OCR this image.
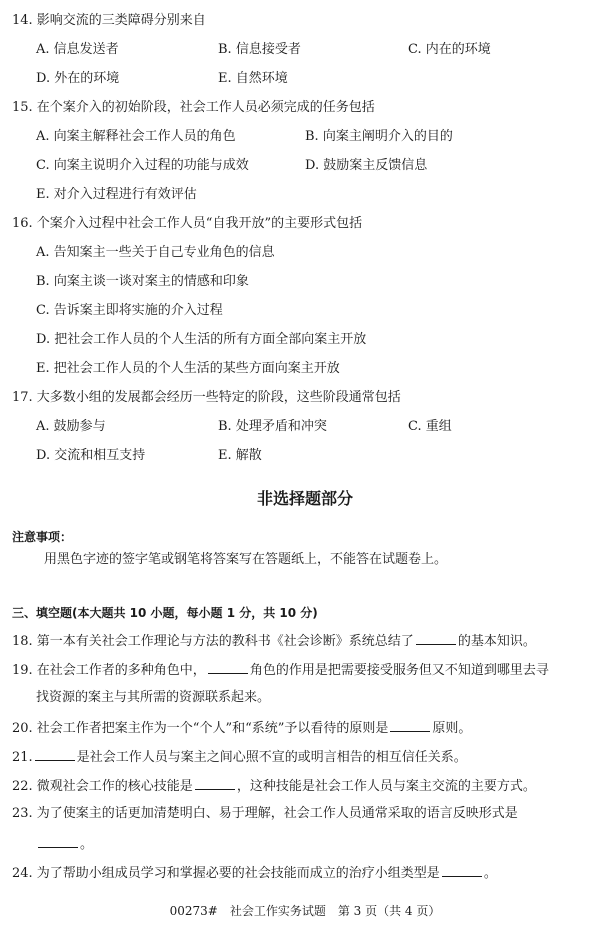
14. 影响交流的三类障碍分别来自
A. 信息发送者	B. 信息接受者	C. 内在的环境
D. 外在的环境	E. 自然环境
15. 在个案介入的初始阶段，社会工作人员必须完成的任务包括
A. 向案主解释社会工作人员的角色	B. 向案主阐明介入的目的
C. 向案主说明介入过程的功能与成效	D. 鼓励案主反馈信息
E. 对介入过程进行有效评估
16. 个案介入过程中社会工作人员“自我开放”的主要形式包括
A. 告知案主一些关于自己专业角色的信息
B. 向案主谈一谈对案主的情感和印象
C. 告诉案主即将实施的介入过程
D. 把社会工作人员的个人生活的所有方面全部向案主开放
E. 把社会工作人员的个人生活的某些方面向案主开放
17. 大多数小组的发展都会经历一些特定的阶段，这些阶段通常包括
A. 鼓励参与	B. 处理矛盾和冲突	C. 重组
D. 交流和相互支持	E. 解散
非选择题部分
注意事项：
用黑色字迹的签字笔或钢笔将答案写在答题纸上，不能答在试题卷上。
三、填空题(本大题共 10 小题，每小题 1 分，共 10 分)
18. 第一本有关社会工作理论与方法的教科书《社会诊断》系统总结了	的基本知识。
19. 在社会工作者的多种角色中，	角色的作用是把需要接受服务但又不知道到哪里去寻
找资源的案主与其所需的资源联系起来。
20. 社会工作者把案主作为一个“个人”和“系统”予以看待的原则是	原则。
21.	是社会工作人员与案主之间心照不宣的或明言相告的相互信任关系。
22. 微观社会工作的核心技能是	，这种技能是社会工作人员与案主交流的主要方式。
23. 为了使案主的话更加清楚明白、易于理解，社会工作人员通常采取的语言反映形式是
。
24. 为了帮助小组成员学习和掌握必要的社会技能而成立的治疗小组类型是	。
00273#　社会工作实务试题　第 3 页（共 4 页）
